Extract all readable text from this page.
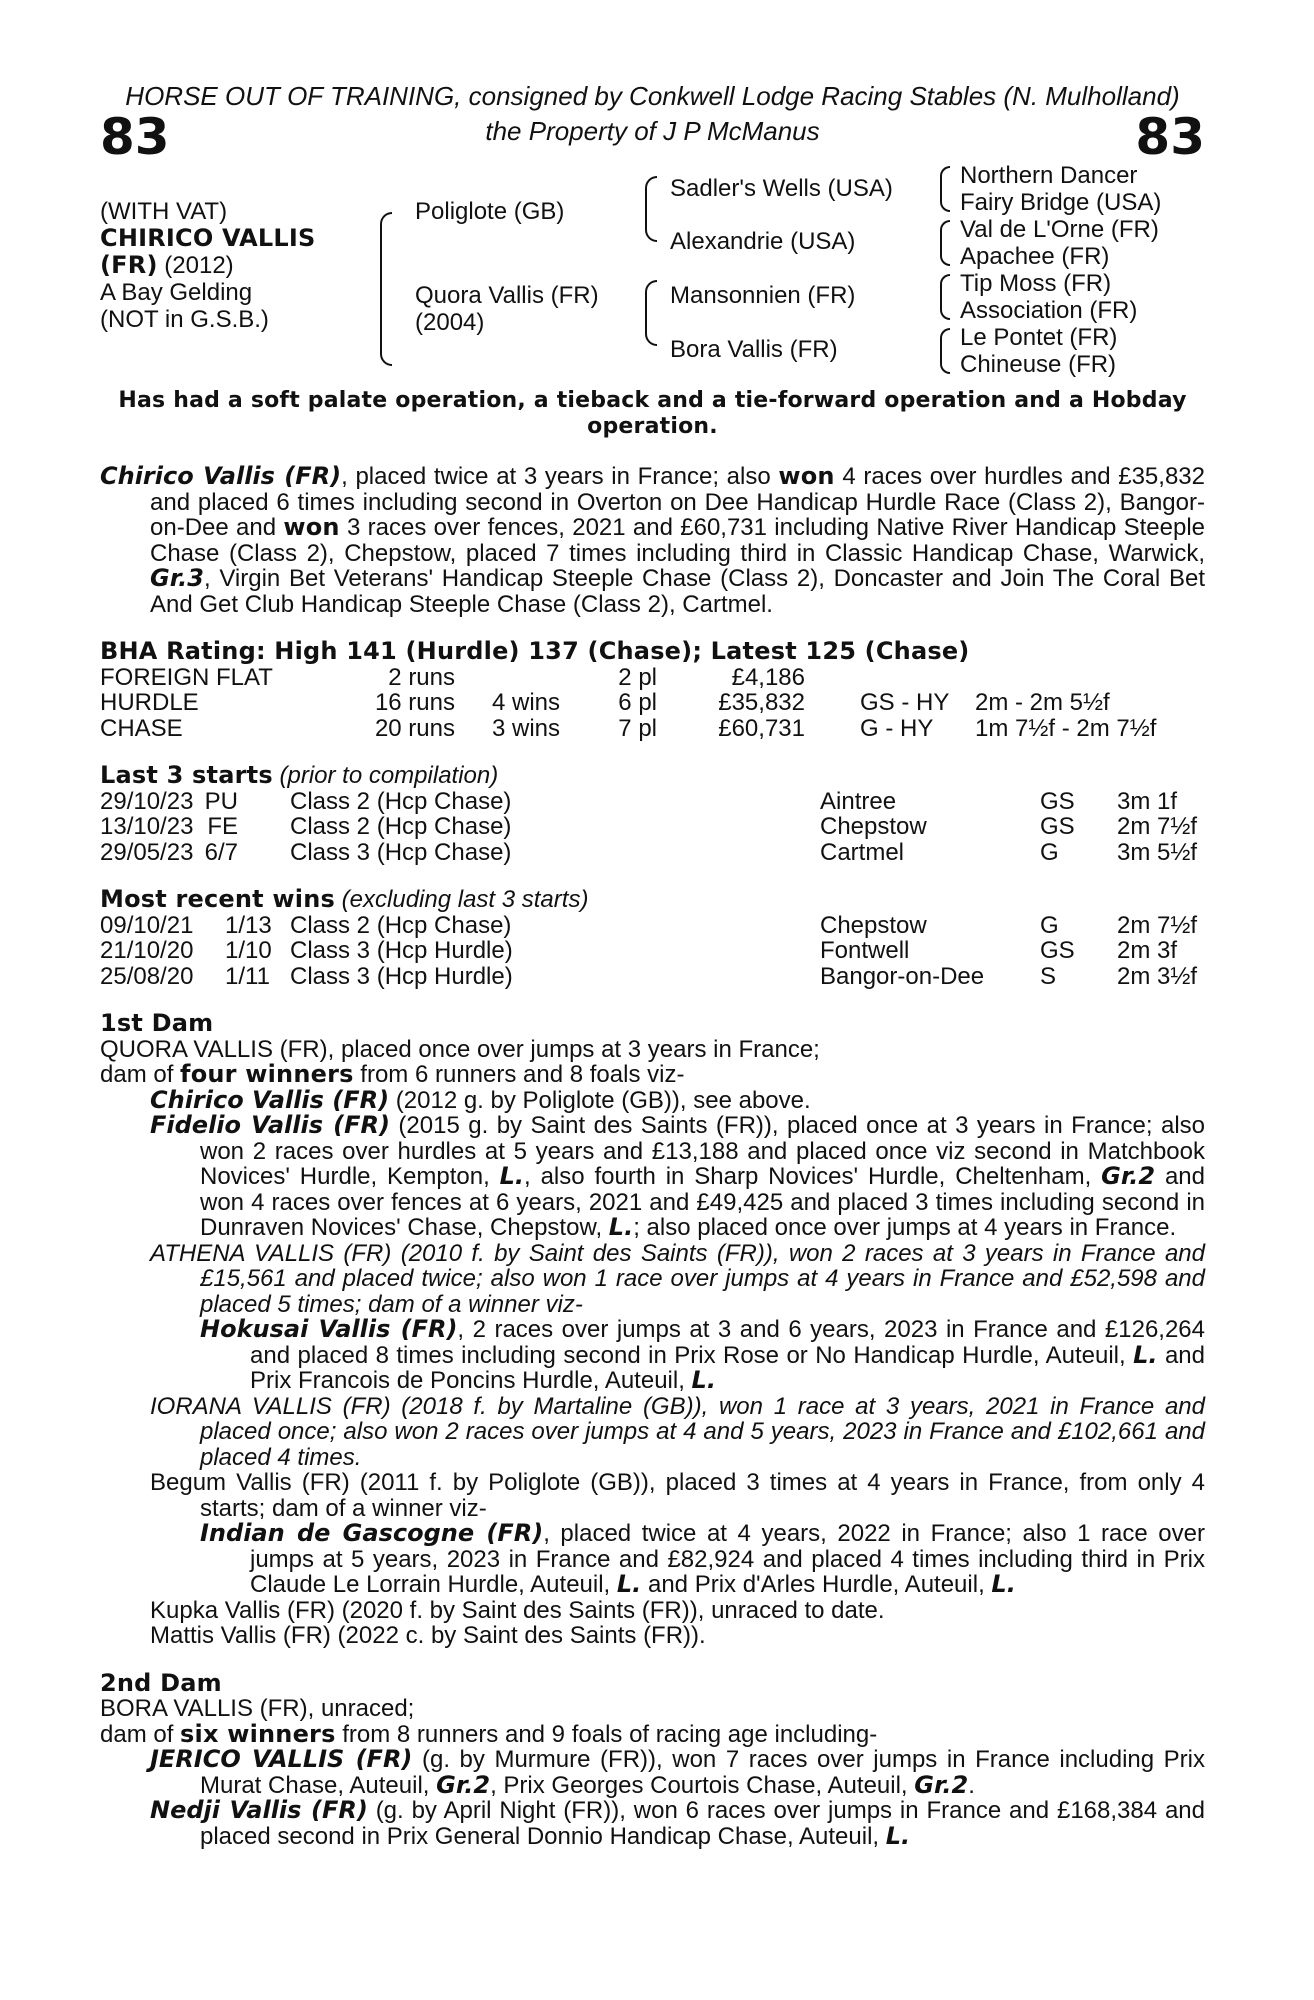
HORSE OUT OF TRAINING, consigned by Conkwell Lodge Racing Stables (N. Mulholland)
83	the Property of J P McManus	83
(WITH VAT)
CHIRICO VALLIS
(FR) (2012)
A Bay Gelding
(NOT in G.S.B.)
Poliglote (GB)
Quora Vallis (FR)
(2004)
Sadler's Wells (USA)
Alexandrie (USA)
Mansonnien (FR)
Bora Vallis (FR)
Northern Dancer
Fairy Bridge (USA)
Val de L'Orne (FR)
Apachee (FR)
Tip Moss (FR)
Association (FR)
Le Pontet (FR)
Chineuse (FR)
Has had a soft palate operation, a tieback and a tie-forward operation and a Hobday operation.
Chirico Vallis (FR), placed twice at 3 years in France; also won 4 races over hurdles and £35,832 and placed 6 times including second in Overton on Dee Handicap Hurdle Race (Class 2), Bangor-on-Dee and won 3 races over fences, 2021 and £60,731 including Native River Handicap Steeple Chase (Class 2), Chepstow, placed 7 times including third in Classic Handicap Chase, Warwick, Gr.3, Virgin Bet Veterans' Handicap Steeple Chase (Class 2), Doncaster and Join The Coral Bet And Get Club Handicap Steeple Chase (Class 2), Cartmel.
BHA Rating: High 141 (Hurdle) 137 (Chase); Latest 125 (Chase)
FOREIGN FLAT	2 runs	2 pl	£4,186
HURDLE	16 runs	4 wins	6 pl	£35,832 GS - HY 2m - 2m 5½f
CHASE	20 runs	3 wins	7 pl	£60,731 G - HY 1m 7½f - 2m 7½f
Last 3 starts (prior to compilation)
29/10/23 PU Class 2 (Hcp Chase)	Aintree	GS 3m 1f
13/10/23 FE Class 2 (Hcp Chase)	Chepstow	GS 2m 7½f
29/05/23 6/7 Class 3 (Hcp Chase)	Cartmel	G 3m 5½f
Most recent wins (excluding last 3 starts)
09/10/21 1/13 Class 2 (Hcp Chase)	Chepstow	G 2m 7½f
21/10/20 1/10 Class 3 (Hcp Hurdle)	Fontwell	GS 2m 3f
25/08/20 1/11 Class 3 (Hcp Hurdle)	Bangor-on-Dee S	2m 3½f
1st Dam
QUORA VALLIS (FR), placed once over jumps at 3 years in France;
dam of four winners from 6 runners and 8 foals viz-
Chirico Vallis (FR) (2012 g. by Poliglote (GB)), see above.
Fidelio Vallis (FR) (2015 g. by Saint des Saints (FR)), placed once at 3 years in France; also won 2 races over hurdles at 5 years and £13,188 and placed once viz second in Matchbook Novices' Hurdle, Kempton, L., also fourth in Sharp Novices' Hurdle, Cheltenham, Gr.2 and won 4 races over fences at 6 years, 2021 and £49,425 and placed 3 times including second in Dunraven Novices' Chase, Chepstow, L.; also placed once over jumps at 4 years in France.
ATHENA VALLIS (FR) (2010 f. by Saint des Saints (FR)), won 2 races at 3 years in France and £15,561 and placed twice; also won 1 race over jumps at 4 years in France and £52,598 and placed 5 times; dam of a winner viz-
Hokusai Vallis (FR), 2 races over jumps at 3 and 6 years, 2023 in France and £126,264 and placed 8 times including second in Prix Rose or No Handicap Hurdle, Auteuil, L. and Prix Francois de Poncins Hurdle, Auteuil, L.
IORANA VALLIS (FR) (2018 f. by Martaline (GB)), won 1 race at 3 years, 2021 in France and placed once; also won 2 races over jumps at 4 and 5 years, 2023 in France and £102,661 and placed 4 times.
Begum Vallis (FR) (2011 f. by Poliglote (GB)), placed 3 times at 4 years in France, from only 4 starts; dam of a winner viz-
Indian de Gascogne (FR), placed twice at 4 years, 2022 in France; also 1 race over jumps at 5 years, 2023 in France and £82,924 and placed 4 times including third in Prix Claude Le Lorrain Hurdle, Auteuil, L. and Prix d'Arles Hurdle, Auteuil, L.
Kupka Vallis (FR) (2020 f. by Saint des Saints (FR)), unraced to date.
Mattis Vallis (FR) (2022 c. by Saint des Saints (FR)).
2nd Dam
BORA VALLIS (FR), unraced;
dam of six winners from 8 runners and 9 foals of racing age including-
JERICO VALLIS (FR) (g. by Murmure (FR)), won 7 races over jumps in France including Prix Murat Chase, Auteuil, Gr.2, Prix Georges Courtois Chase, Auteuil, Gr.2.
Nedji Vallis (FR) (g. by April Night (FR)), won 6 races over jumps in France and £168,384 and placed second in Prix General Donnio Handicap Chase, Auteuil, L.
